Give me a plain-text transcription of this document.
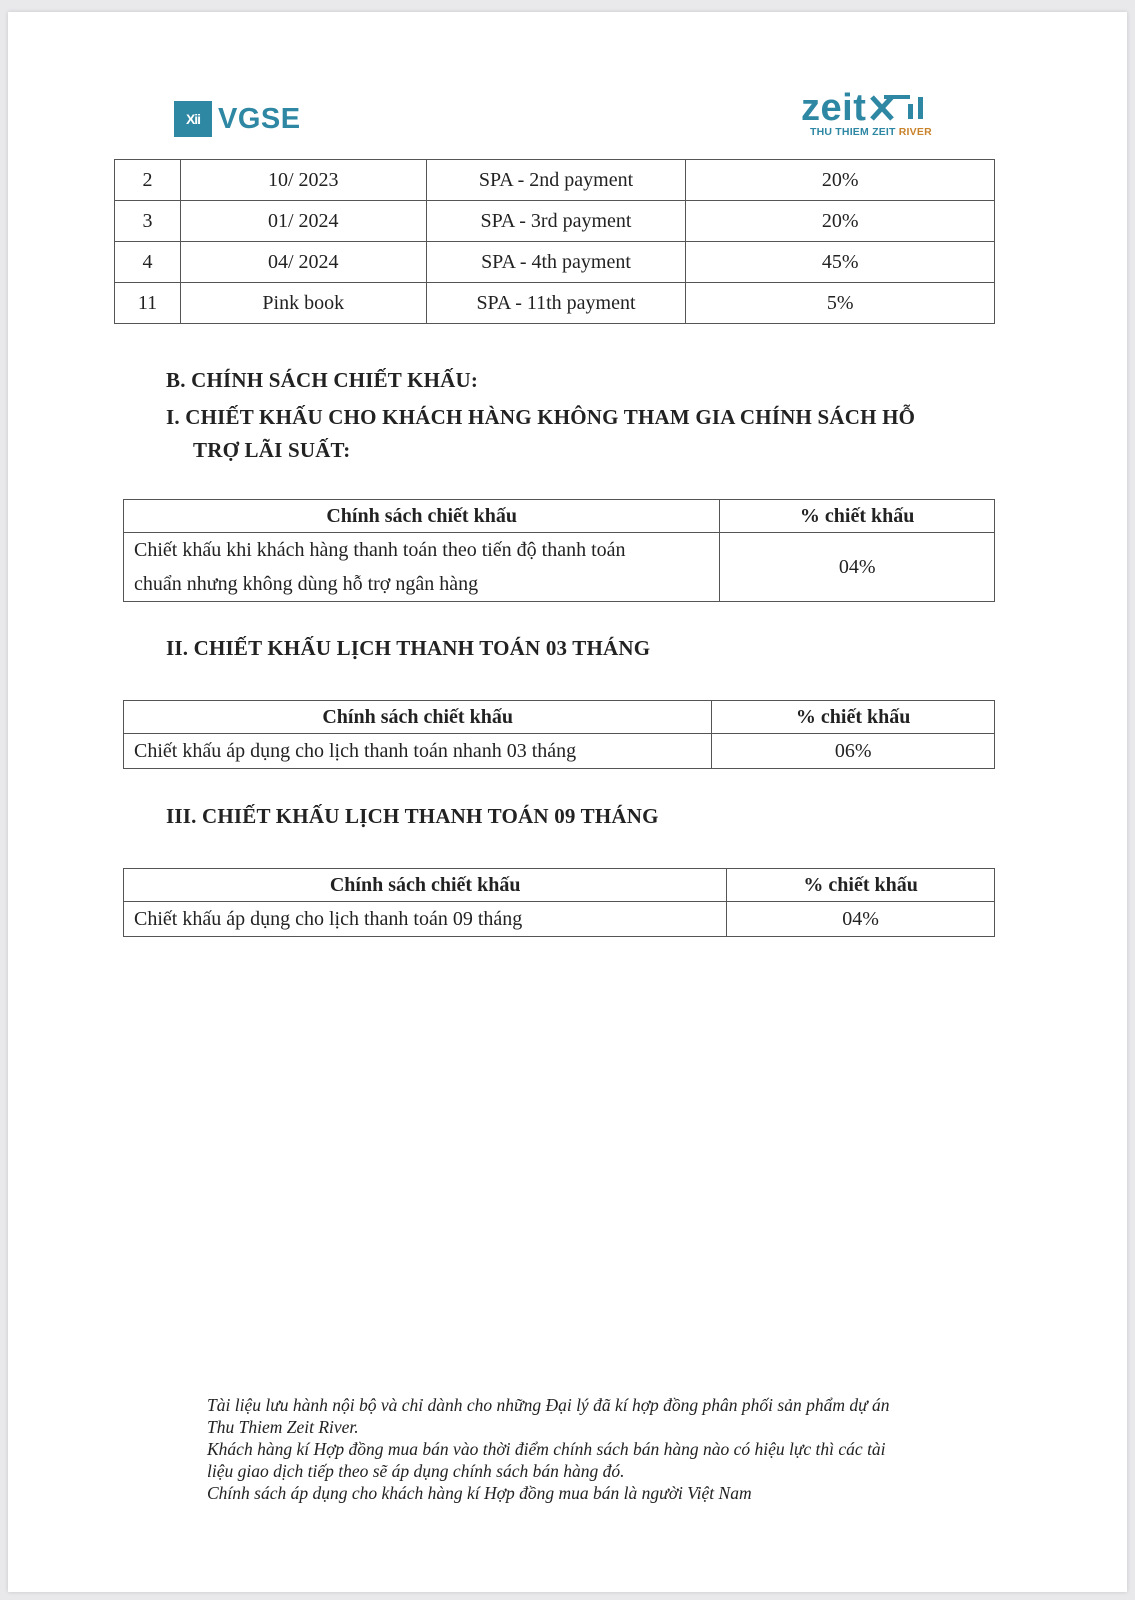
Xii VGSE	zeit
THU THIEM ZEIT RIVER
2	10/ 2023	SPA - 2nd payment	20%
3	01/ 2024	SPA - 3rd payment	20%
4	04/ 2024	SPA - 4th payment	45%
11	Pink book	SPA - 11th payment	5%
B. CHÍNH SÁCH CHIẾT KHẤU:
I. CHIẾT KHẤU CHO KHÁCH HÀNG KHÔNG THAM GIA CHÍNH SÁCH HỖ
TRỢ LÃI SUẤT:
Chính sách chiết khấu	% chiết khấu

Chiết khấu khi khách hàng thanh toán theo tiến độ thanh toán
chuẩn nhưng không dùng hỗ trợ ngân hàng	04%
II. CHIẾT KHẤU LỊCH THANH TOÁN 03 THÁNG
Chính sách chiết khấu	% chiết khấu
Chiết khấu áp dụng cho lịch thanh toán nhanh 03 tháng	06%
III. CHIẾT KHẤU LỊCH THANH TOÁN 09 THÁNG
Chính sách chiết khấu	% chiết khấu
Chiết khấu áp dụng cho lịch thanh toán 09 tháng	04%
Tài liệu lưu hành nội bộ và chỉ dành cho những Đại lý đã kí hợp đồng phân phối sản phẩm dự án
Thu Thiem Zeit River.
Khách hàng kí Hợp đồng mua bán vào thời điểm chính sách bán hàng nào có hiệu lực thì các tài
liệu giao dịch tiếp theo sẽ áp dụng chính sách bán hàng đó.
Chính sách áp dụng cho khách hàng kí Hợp đồng mua bán là người Việt Nam
